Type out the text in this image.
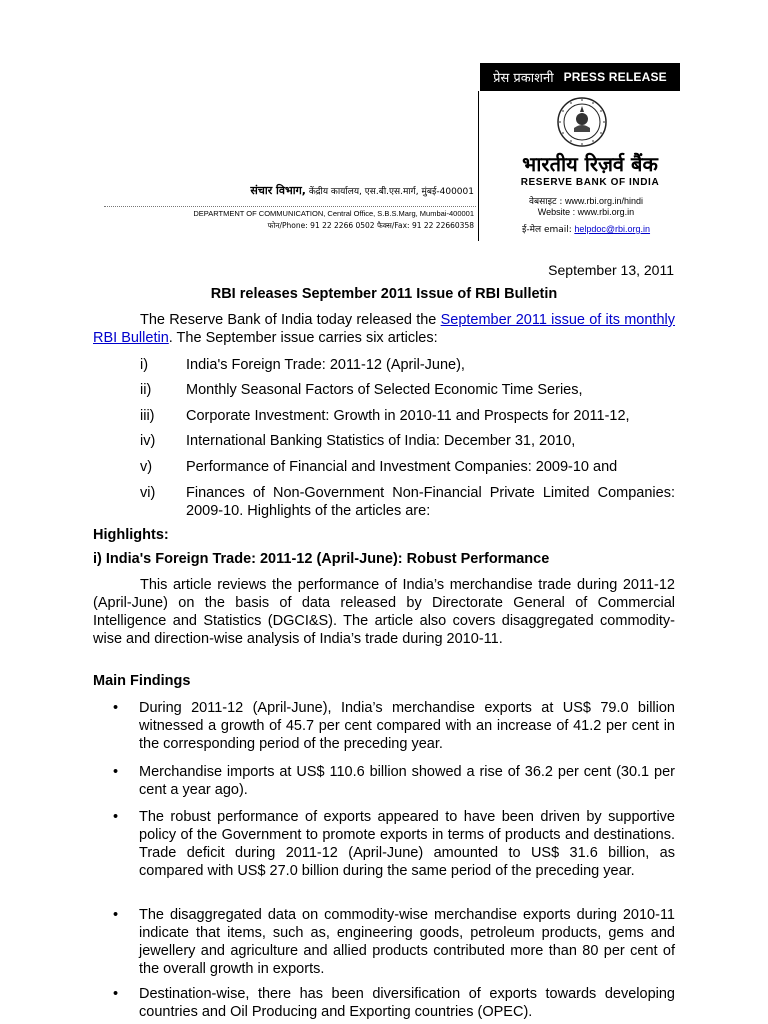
प्रेस प्रकाशनी PRESS RELEASE
भारतीय रिज़र्व बैंक
RESERVE BANK OF INDIA
वेबसाइट : www.rbi.org.in/hindi
Website : www.rbi.org.in
ई-मेल email: helpdoc@rbi.org.in
संचार विभाग, केंद्रीय कार्यालय, एस.बी.एस.मार्ग, मुंबई-400001
DEPARTMENT OF COMMUNICATION, Central Office, S.B.S.Marg, Mumbai-400001
फोन/Phone: 91 22 2266 0502 फैक्स/Fax: 91 22 22660358
September 13, 2011
RBI releases September 2011 Issue of RBI Bulletin
The Reserve Bank of India today released the September 2011 issue of its monthly RBI Bulletin. The September issue carries six articles:
i)	India's Foreign Trade: 2011-12 (April-June),
ii) Monthly Seasonal Factors of Selected Economic Time Series,
iii) Corporate Investment: Growth in 2010-11 and Prospects for 2011-12,
iv) International Banking Statistics of India: December 31, 2010,
v) Performance of Financial and Investment Companies: 2009-10 and
vi) Finances of Non-Government Non-Financial Private Limited Companies: 2009-10. Highlights of the articles are:
Highlights:
i) India's Foreign Trade: 2011-12 (April-June): Robust Performance
This article reviews the performance of India’s merchandise trade during 2011-12 (April-June) on the basis of data released by Directorate General of Commercial Intelligence and Statistics (DGCI&S). The article also covers disaggregated commodity-wise and direction-wise analysis of India’s trade during 2010-11.
Main Findings
• During 2011-12 (April-June), India’s merchandise exports at US$ 79.0 billion witnessed a growth of 45.7 per cent compared with an increase of 41.2 per cent in the corresponding period of the preceding year.
• Merchandise imports at US$ 110.6 billion showed a rise of 36.2 per cent (30.1 per cent a year ago).
• The robust performance of exports appeared to have been driven by supportive policy of the Government to promote exports in terms of products and destinations. Trade deficit during 2011-12 (April-June) amounted to US$ 31.6 billion, as compared with US$ 27.0 billion during the same period of the preceding year.
• The disaggregated data on commodity-wise merchandise exports during 2010-11 indicate that items, such as, engineering goods, petroleum products, gems and jewellery and agriculture and allied products contributed more than 80 per cent of the overall growth in exports.
• Destination-wise, there has been diversification of exports towards developing countries and Oil Producing and Exporting countries (OPEC).
